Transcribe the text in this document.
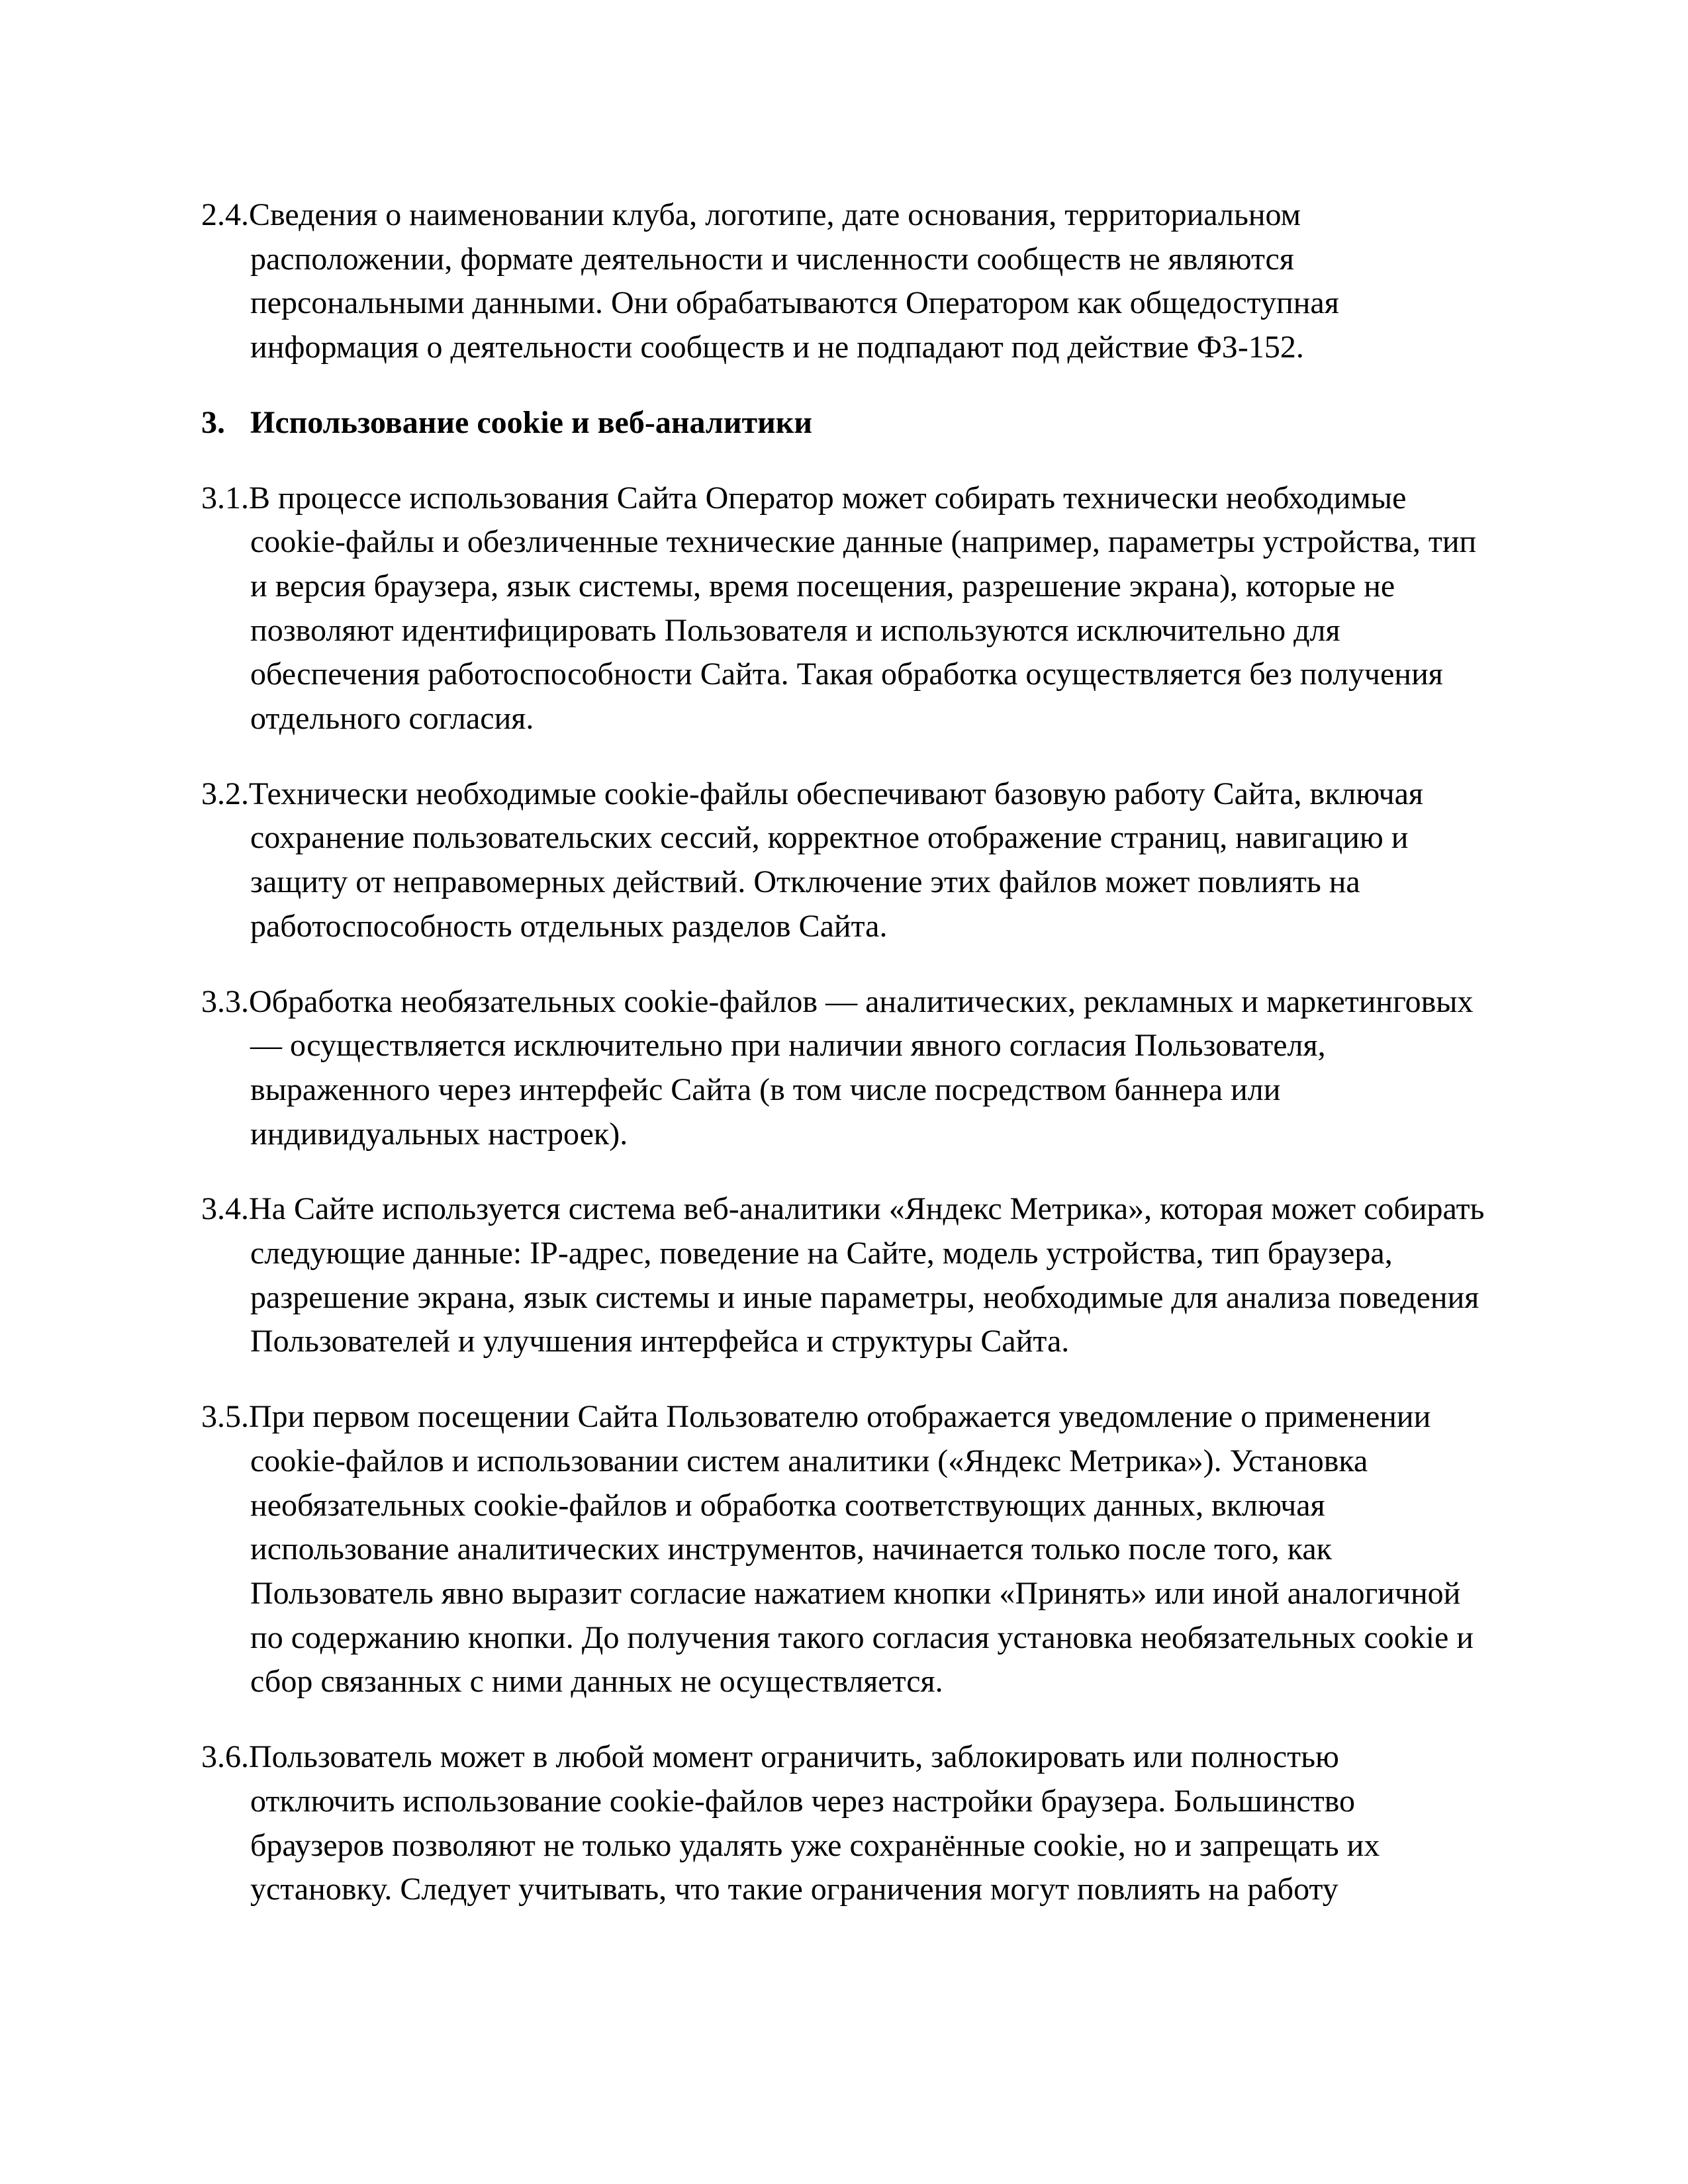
2.4.Сведения о наименовании клуба, логотипе, дате основания, территориальном расположении, формате деятельности и численности сообществ не являются персональными данными. Они обрабатываются Оператором как общедоступная информация о деятельности сообществ и не подпадают под действие ФЗ-152.
3. Использование cookie и веб-аналитики
3.1.В процессе использования Сайта Оператор может собирать технически необходимые cookie-файлы и обезличенные технические данные (например, параметры устройства, тип и версия браузера, язык системы, время посещения, разрешение экрана), которые не позволяют идентифицировать Пользователя и используются исключительно для обеспечения работоспособности Сайта. Такая обработка осуществляется без получения отдельного согласия.
3.2.Технически необходимые cookie-файлы обеспечивают базовую работу Сайта, включая сохранение пользовательских сессий, корректное отображение страниц, навигацию и защиту от неправомерных действий. Отключение этих файлов может повлиять на работоспособность отдельных разделов Сайта.
3.3.Обработка необязательных cookie-файлов — аналитических, рекламных и маркетинговых — осуществляется исключительно при наличии явного согласия Пользователя, выраженного через интерфейс Сайта (в том числе посредством баннера или индивидуальных настроек).
3.4.На Сайте используется система веб-аналитики «Яндекс Метрика», которая может собирать следующие данные: IP-адрес, поведение на Сайте, модель устройства, тип браузера, разрешение экрана, язык системы и иные параметры, необходимые для анализа поведения Пользователей и улучшения интерфейса и структуры Сайта.
3.5.При первом посещении Сайта Пользователю отображается уведомление о применении cookie-файлов и использовании систем аналитики («Яндекс Метрика»). Установка необязательных cookie-файлов и обработка соответствующих данных, включая использование аналитических инструментов, начинается только после того, как Пользователь явно выразит согласие нажатием кнопки «Принять» или иной аналогичной по содержанию кнопки. До получения такого согласия установка необязательных cookie и сбор связанных с ними данных не осуществляется.
3.6.Пользователь может в любой момент ограничить, заблокировать или полностью отключить использование cookie-файлов через настройки браузера. Большинство браузеров позволяют не только удалять уже сохранённые cookie, но и запрещать их установку. Следует учитывать, что такие ограничения могут повлиять на работу
